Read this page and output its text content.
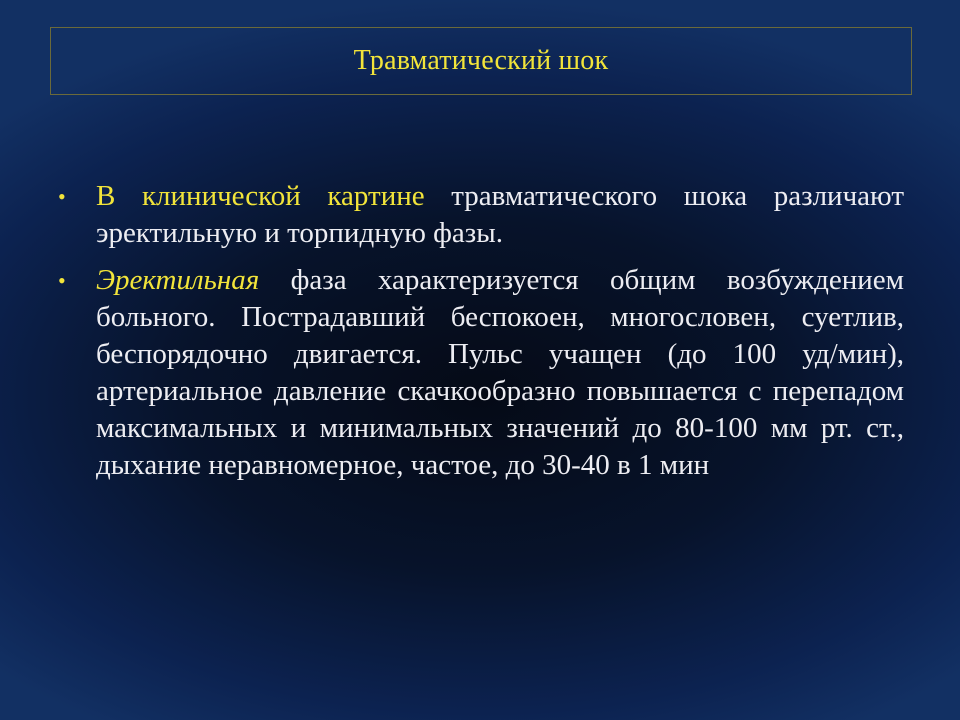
Травматический шок

•	В клинической картине травматического шока различают эректильную и торпидную фазы.

•	Эректильная фаза характеризуется общим возбуждением больного. Пострадавший беспокоен, многословен, суетлив, беспорядочно двигается. Пульс учащен (до 100 уд/мин), артериальное давление скачкообразно повышается с перепадом максимальных и минимальных значений до 80-100 мм рт. ст., дыхание неравномерное, частое, до 30-40 в 1 мин
